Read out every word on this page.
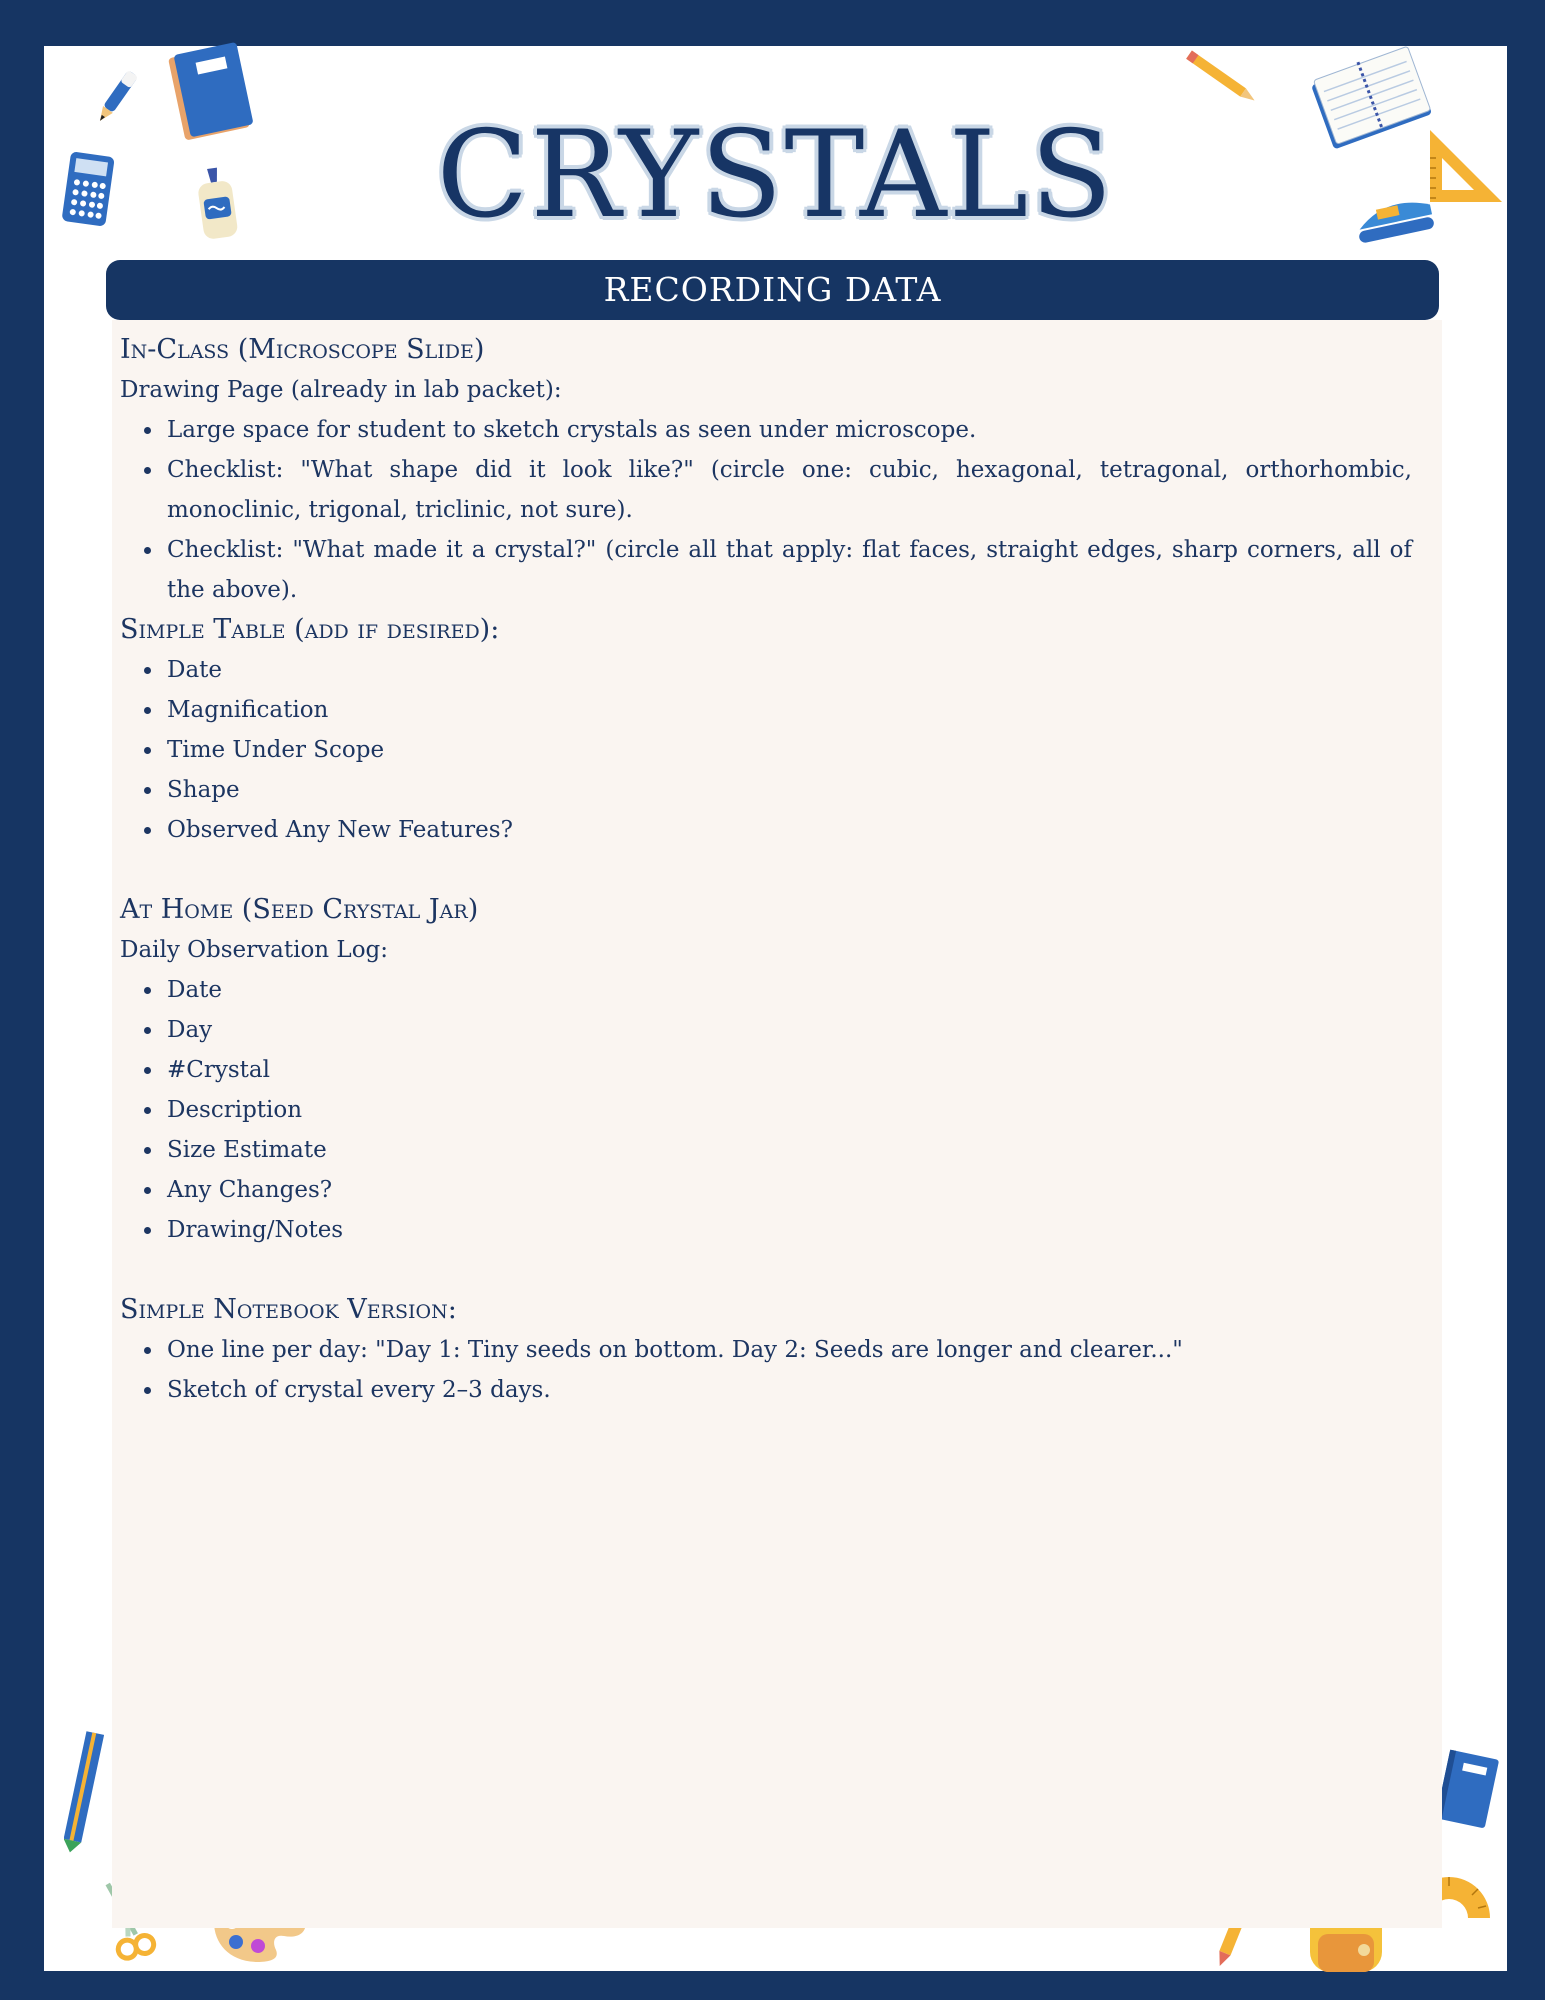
CRYSTALS
RECORDING DATA
In-Class (Microscope Slide)
Drawing Page (already in lab packet):
Large space for student to sketch crystals as seen under microscope.
Checklist: "What shape did it look like?" (circle one: cubic, hexagonal, tetragonal, orthorhombic, monoclinic, trigonal, triclinic, not sure).
Checklist: "What made it a crystal?" (circle all that apply: flat faces, straight edges, sharp corners, all of the above).
Simple Table (add if desired):
Date
Magnification
Time Under Scope
Shape
Observed Any New Features?
At Home (Seed Crystal Jar)
Daily Observation Log:
Date
Day
#Crystal
Description
Size Estimate
Any Changes?
Drawing/Notes
Simple Notebook Version:
One line per day: "Day 1: Tiny seeds on bottom. Day 2: Seeds are longer and clearer..."
Sketch of crystal every 2–3 days.
